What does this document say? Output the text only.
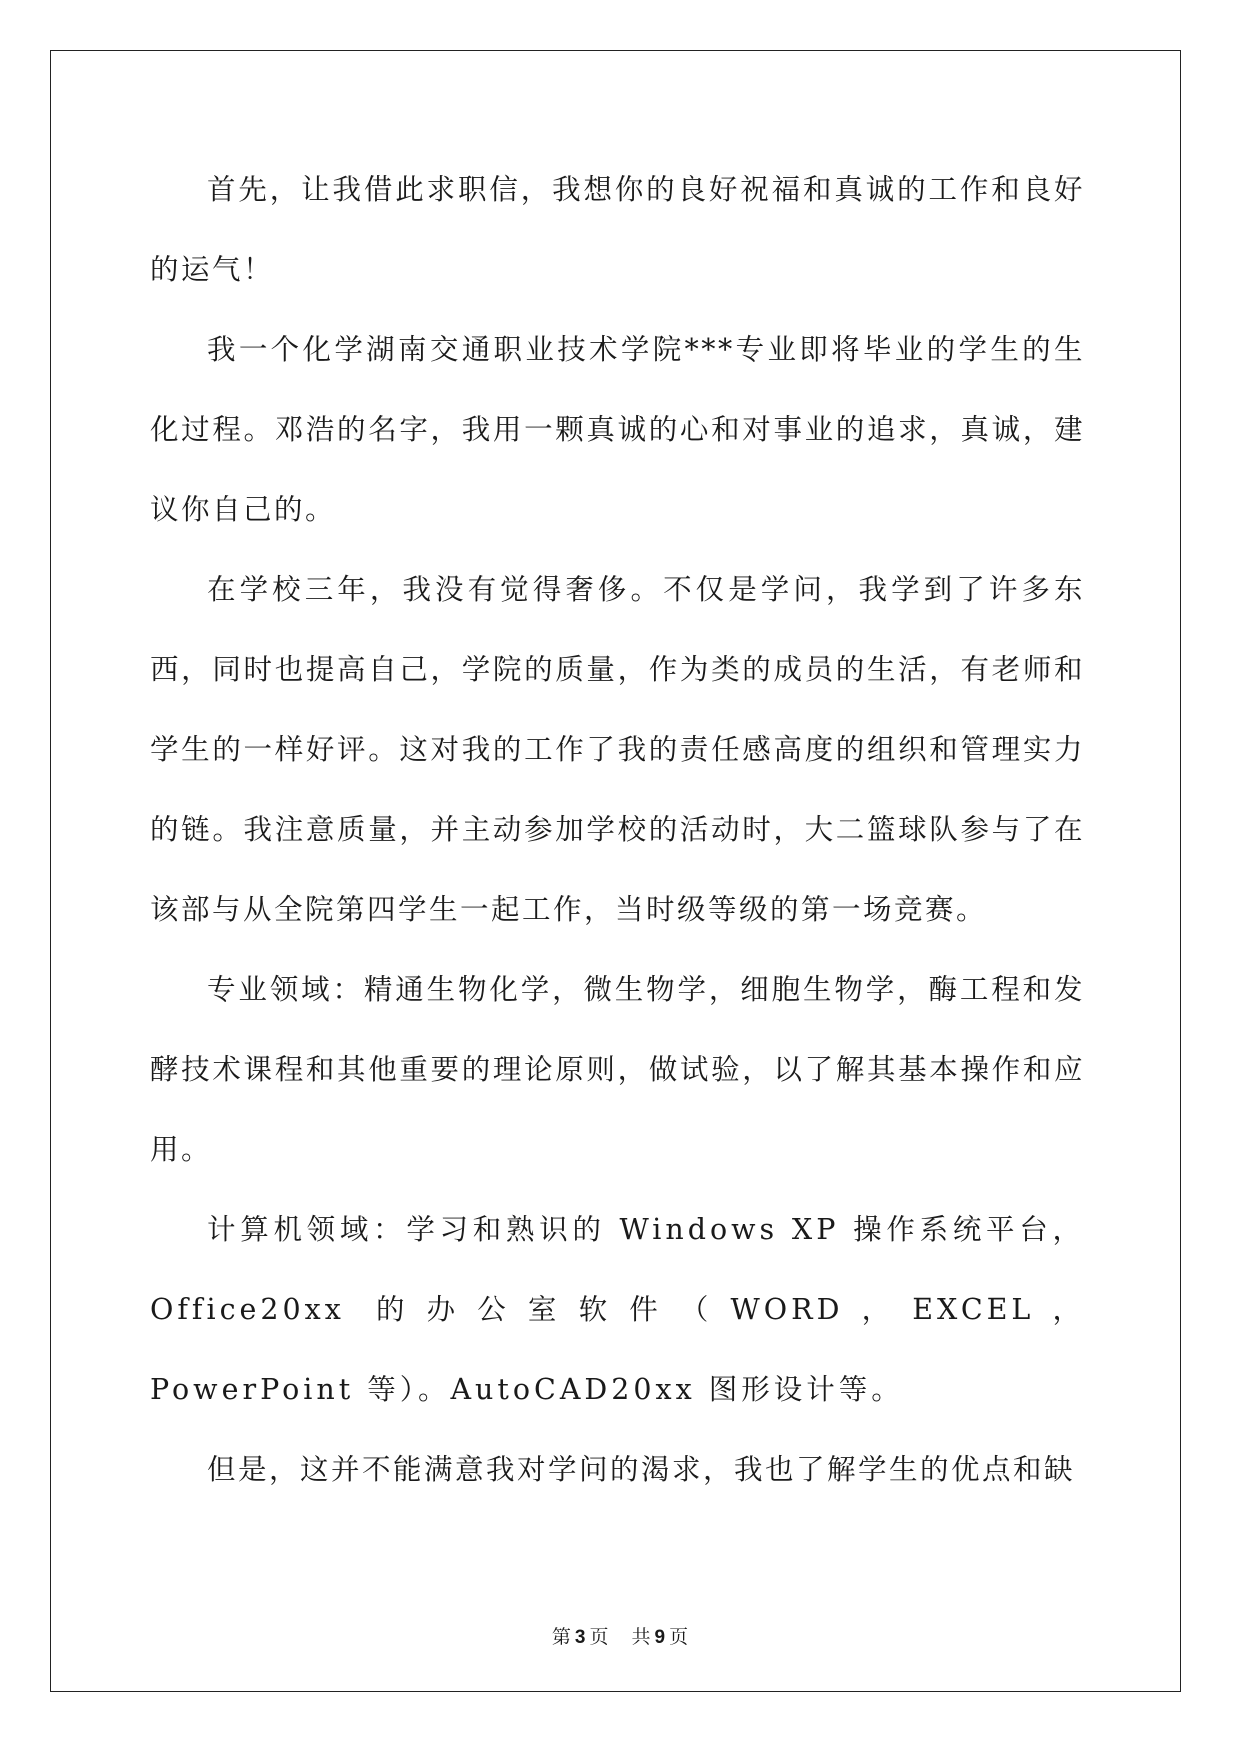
首先，让我借此求职信，我想你的良好祝福和真诚的工作和良好的运气！

我一个化学湖南交通职业技术学院***专业即将毕业的学生的生化过程。邓浩的名字，我用一颗真诚的心和对事业的追求，真诚，建议你自己的。

在学校三年，我没有觉得奢侈。不仅是学问，我学到了许多东西，同时也提高自己，学院的质量，作为类的成员的生活，有老师和学生的一样好评。这对我的工作了我的责任感高度的组织和管理实力的链。我注意质量，并主动参加学校的活动时，大二篮球队参与了在该部与从全院第四学生一起工作，当时级等级的第一场竞赛。

专业领域：精通生物化学，微生物学，细胞生物学，酶工程和发酵技术课程和其他重要的理论原则，做试验，以了解其基本操作和应用。

计算机领域：学习和熟识的 Windows XP 操作系统平台，Office20xx 的办公室软件（WORD，EXCEL，PowerPoint 等）。AutoCAD20xx 图形设计等。

但是，这并不能满意我对学问的渴求，我也了解学生的优点和缺

第 3 页 共 9 页
